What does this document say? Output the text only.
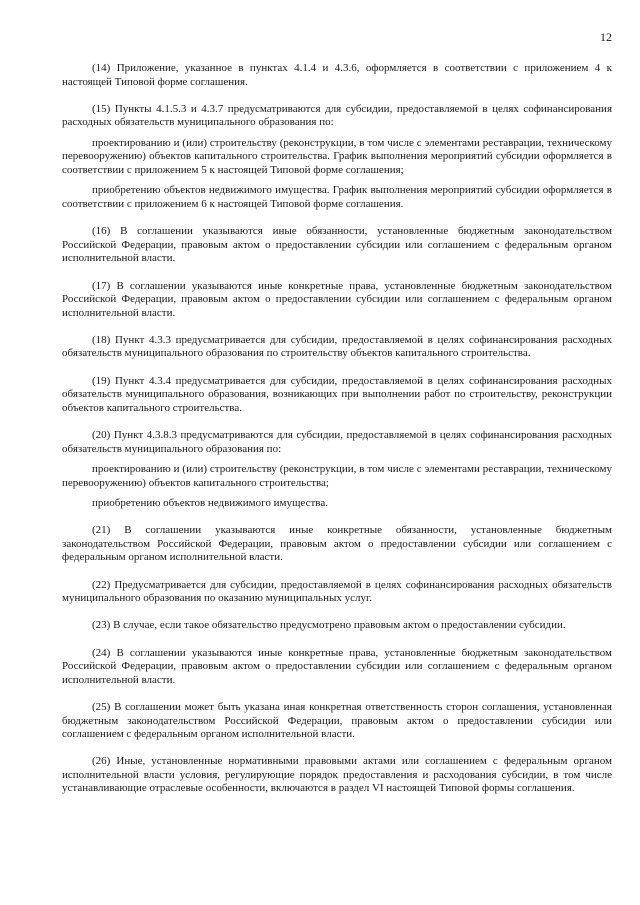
12

(14) Приложение, указанное в пунктах 4.1.4 и 4.3.6, оформляется в соответствии с приложением 4 к настоящей Типовой форме соглашения.

(15) Пункты 4.1.5.3 и 4.3.7 предусматриваются для субсидии, предоставляемой в целях софинансирования расходных обязательств муниципального образования по:

проектированию и (или) строительству (реконструкции, в том числе с элементами реставрации, техническому перевооружению) объектов капитального строительства. График выполнения мероприятий субсидии оформляется в соответствии с приложением 5 к настоящей Типовой форме соглашения;

приобретению объектов недвижимого имущества. График выполнения мероприятий субсидии оформляется в соответствии с приложением 6 к настоящей Типовой форме соглашения.

(16) В соглашении указываются иные обязанности, установленные бюджетным законодательством Российской Федерации, правовым актом о предоставлении субсидии или соглашением с федеральным органом исполнительной власти.

(17) В соглашении указываются иные конкретные права, установленные бюджетным законодательством Российской Федерации, правовым актом о предоставлении субсидии или соглашением с федеральным органом исполнительной власти.

(18) Пункт 4.3.3 предусматривается для субсидии, предоставляемой в целях софинансирования расходных обязательств муниципального образования по строительству объектов капитального строительства.

(19) Пункт 4.3.4 предусматривается для субсидии, предоставляемой в целях софинансирования расходных обязательств муниципального образования, возникающих при выполнении работ по строительству, реконструкции объектов капитального строительства.

(20) Пункт 4.3.8.3 предусматриваются для субсидии, предоставляемой в целях софинансирования расходных обязательств муниципального образования по:

проектированию и (или) строительству (реконструкции, в том числе с элементами реставрации, техническому перевооружению) объектов капитального строительства;

приобретению объектов недвижимого имущества.

(21) В соглашении указываются иные конкретные обязанности, установленные бюджетным законодательством Российской Федерации, правовым актом о предоставлении субсидии или соглашением с федеральным органом исполнительной власти.

(22) Предусматривается для субсидии, предоставляемой в целях софинансирования расходных обязательств муниципального образования по оказанию муниципальных услуг.

(23) В случае, если такое обязательство предусмотрено правовым актом о предоставлении субсидии.

(24) В соглашении указываются иные конкретные права, установленные бюджетным законодательством Российской Федерации, правовым актом о предоставлении субсидии или соглашением с федеральным органом исполнительной власти.

(25) В соглашении может быть указана иная конкретная ответственность сторон соглашения, установленная бюджетным законодательством Российской Федерации, правовым актом о предоставлении субсидии или соглашением с федеральным органом исполнительной власти.

(26) Иные, установленные нормативными правовыми актами или соглашением с федеральным органом исполнительной власти условия, регулирующие порядок предоставления и расходования субсидии, в том числе устанавливающие отраслевые особенности, включаются в раздел VI настоящей Типовой формы соглашения.
